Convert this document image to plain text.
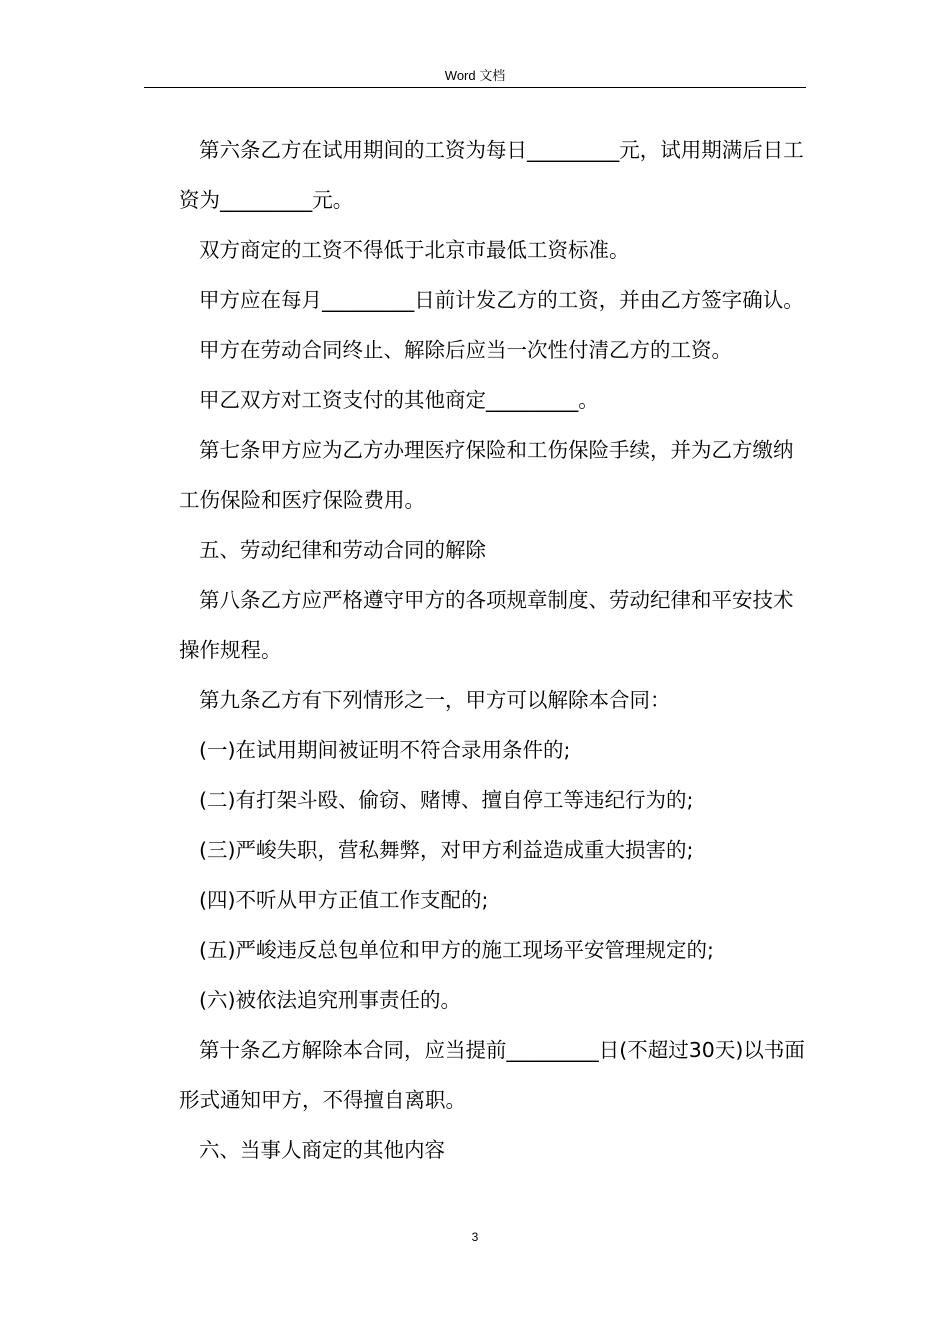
Word 文档

第六条乙方在试用期间的工资为每日_________元，试用期满后日工资为_________元。

双方商定的工资不得低于北京市最低工资标准。

甲方应在每月_________日前计发乙方的工资，并由乙方签字确认。

甲方在劳动合同终止、解除后应当一次性付清乙方的工资。

甲乙双方对工资支付的其他商定_________。

第七条甲方应为乙方办理医疗保险和工伤保险手续，并为乙方缴纳工伤保险和医疗保险费用。

五、劳动纪律和劳动合同的解除

第八条乙方应严格遵守甲方的各项规章制度、劳动纪律和平安技术操作规程。

第九条乙方有下列情形之一，甲方可以解除本合同：

(一)在试用期间被证明不符合录用条件的;

(二)有打架斗殴、偷窃、赌博、擅自停工等违纪行为的;

(三)严峻失职，营私舞弊，对甲方利益造成重大损害的;

(四)不听从甲方正值工作支配的;

(五)严峻违反总包单位和甲方的施工现场平安管理规定的;

(六)被依法追究刑事责任的。

第十条乙方解除本合同，应当提前_________日(不超过30天)以书面形式通知甲方，不得擅自离职。

六、当事人商定的其他内容

3
